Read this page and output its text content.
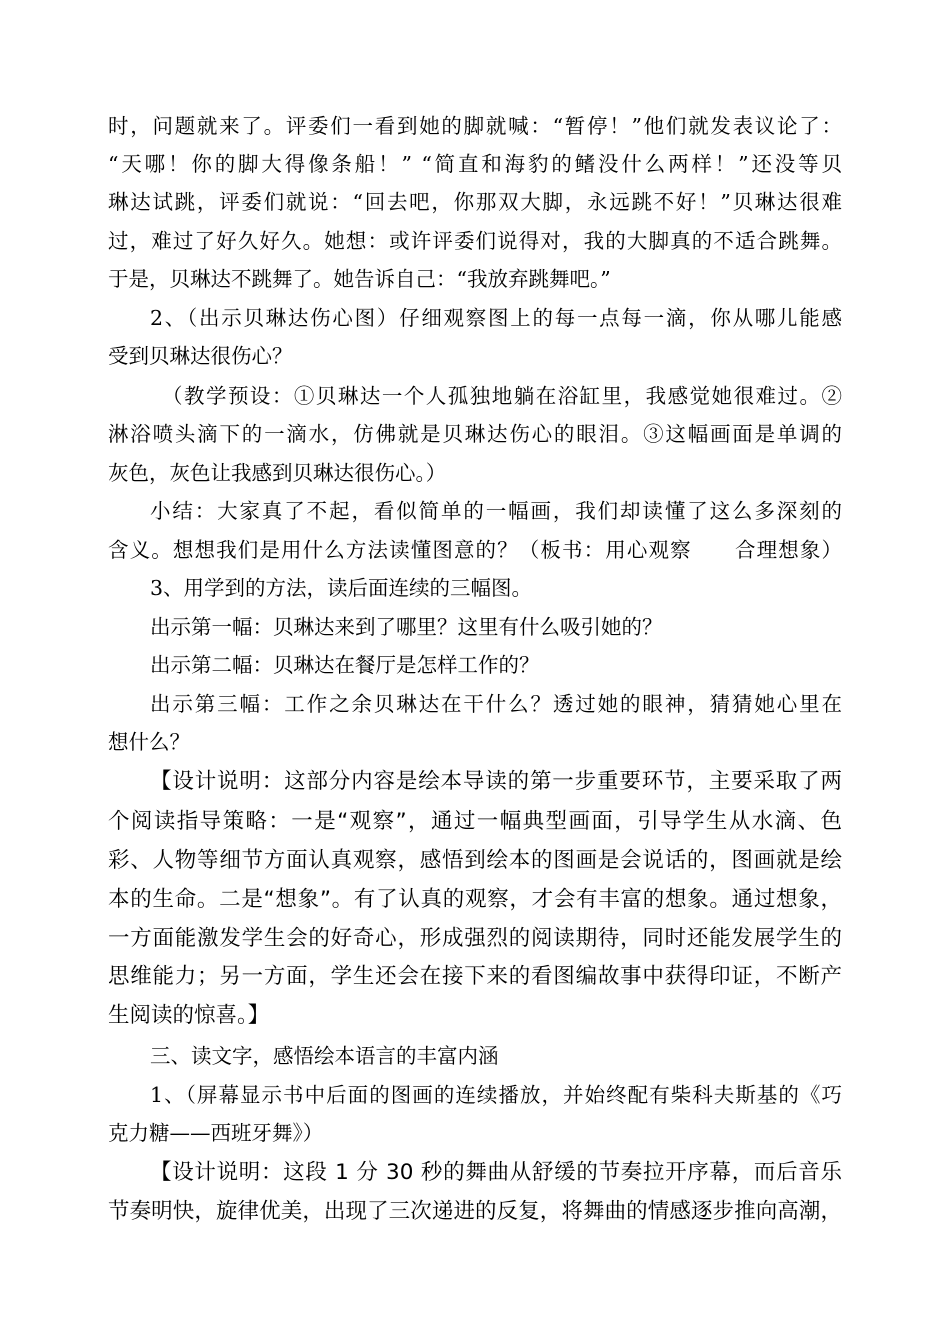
时，问题就来了。评委们一看到她的脚就喊：“暂停！”他们就发表议论了：
“天哪！你的脚大得像条船！” “简直和海豹的鳍没什么两样！”还没等贝
琳达试跳，评委们就说：“回去吧，你那双大脚，永远跳不好！”贝琳达很难
过，难过了好久好久。她想：或许评委们说得对，我的大脚真的不适合跳舞。
于是，贝琳达不跳舞了。她告诉自己：“我放弃跳舞吧。”
2、（出示贝琳达伤心图）仔细观察图上的每一点每一滴，你从哪儿能感
受到贝琳达很伤心？
（教学预设：①贝琳达一个人孤独地躺在浴缸里，我感觉她很难过。②
淋浴喷头滴下的一滴水，仿佛就是贝琳达伤心的眼泪。③这幅画面是单调的
灰色，灰色让我感到贝琳达很伤心。）
小结：大家真了不起，看似简单的一幅画，我们却读懂了这么多深刻的
含义。想想我们是用什么方法读懂图意的？（板书：用心观察　　合理想象）
3、用学到的方法，读后面连续的三幅图。
出示第一幅：贝琳达来到了哪里？这里有什么吸引她的？
出示第二幅：贝琳达在餐厅是怎样工作的？
出示第三幅：工作之余贝琳达在干什么？透过她的眼神，猜猜她心里在
想什么？
【设计说明：这部分内容是绘本导读的第一步重要环节，主要采取了两
个阅读指导策略：一是“观察”，通过一幅典型画面，引导学生从水滴、色
彩、人物等细节方面认真观察，感悟到绘本的图画是会说话的，图画就是绘
本的生命。二是“想象”。有了认真的观察，才会有丰富的想象。通过想象，
一方面能激发学生会的好奇心，形成强烈的阅读期待，同时还能发展学生的
思维能力；另一方面，学生还会在接下来的看图编故事中获得印证，不断产
生阅读的惊喜。】
三、读文字，感悟绘本语言的丰富内涵
1、（屏幕显示书中后面的图画的连续播放，并始终配有柴科夫斯基的《巧
克力糖——西班牙舞》）
【设计说明：这段 1 分 30 秒的舞曲从舒缓的节奏拉开序幕，而后音乐
节奏明快，旋律优美，出现了三次递进的反复，将舞曲的情感逐步推向高潮，
